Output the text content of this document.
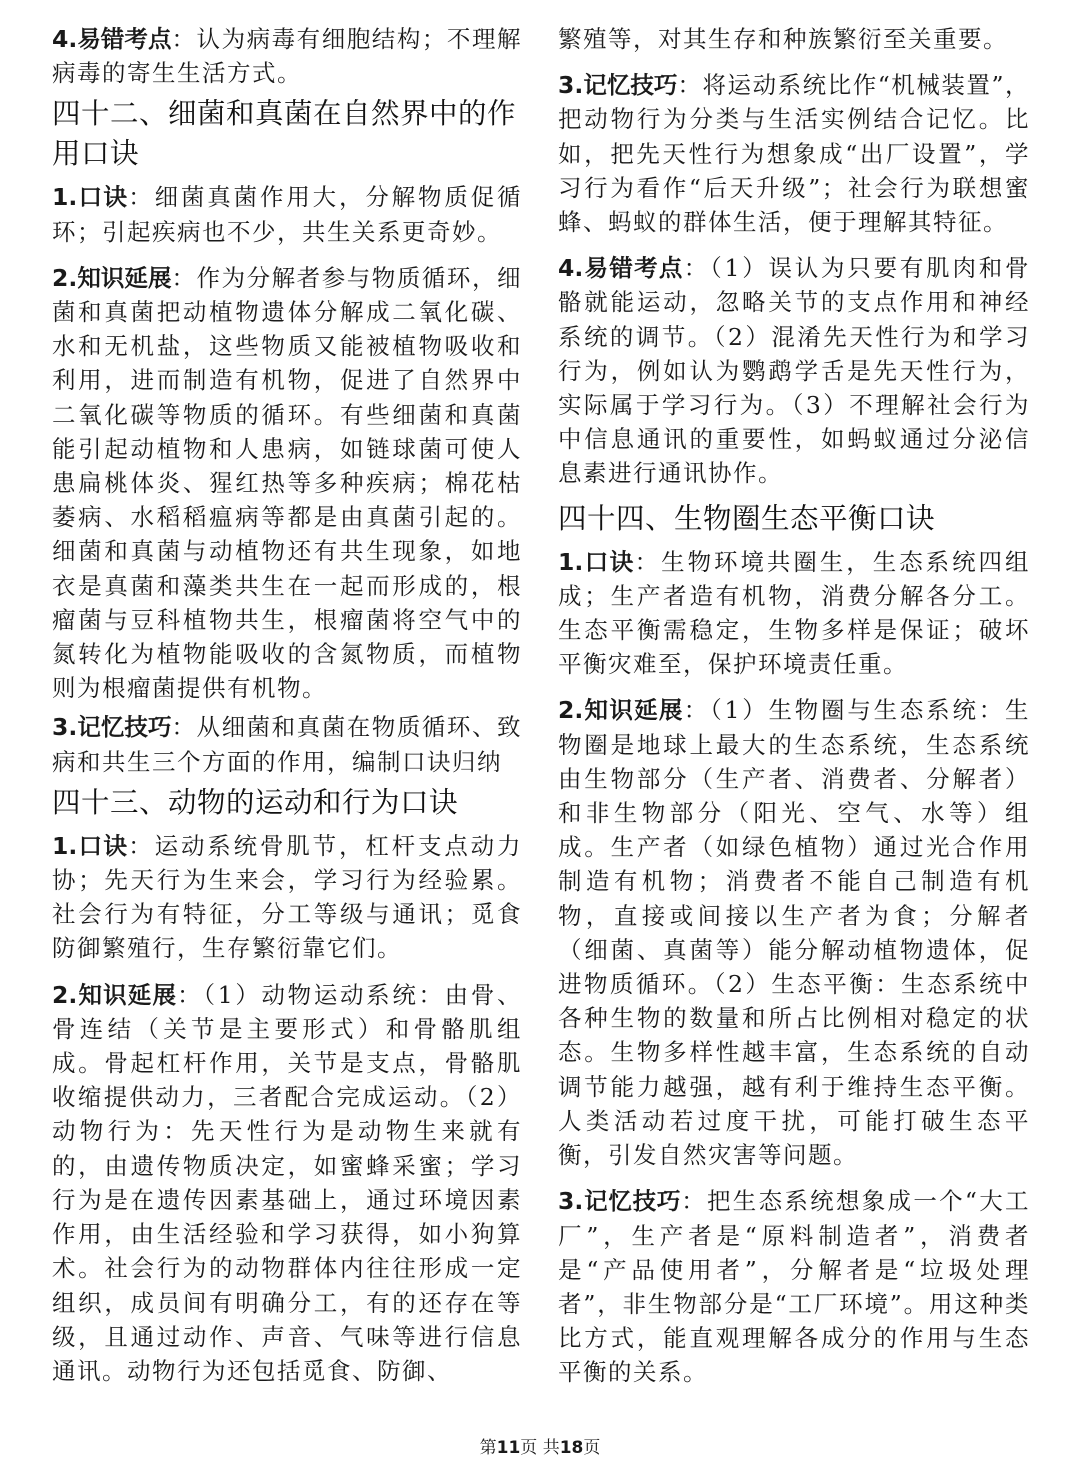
4.易错考点：认为病毒有细胞结构；不理解病毒的寄生生活方式。

四十二、细菌和真菌在自然界中的作用口诀

1.口诀：细菌真菌作用大，分解物质促循环；引起疾病也不少，共生关系更奇妙。

2.知识延展：作为分解者参与物质循环，细菌和真菌把动植物遗体分解成二氧化碳、水和无机盐，这些物质又能被植物吸收和利用，进而制造有机物，促进了自然界中二氧化碳等物质的循环。有些细菌和真菌能引起动植物和人患病，如链球菌可使人患扁桃体炎、猩红热等多种疾病；棉花枯萎病、水稻稻瘟病等都是由真菌引起的。细菌和真菌与动植物还有共生现象，如地衣是真菌和藻类共生在一起而形成的，根瘤菌与豆科植物共生，根瘤菌将空气中的氮转化为植物能吸收的含氮物质，而植物则为根瘤菌提供有机物。

3.记忆技巧：从细菌和真菌在物质循环、致病和共生三个方面的作用，编制口诀归纳

四十三、动物的运动和行为口诀

1.口诀：运动系统骨肌节，杠杆支点动力协；先天行为生来会，学习行为经验累。社会行为有特征，分工等级与通讯；觅食防御繁殖行，生存繁衍靠它们。

2.知识延展：（1）动物运动系统：由骨、骨连结（关节是主要形式）和骨骼肌组成。骨起杠杆作用，关节是支点，骨骼肌收缩提供动力，三者配合完成运动。（2）动物行为：先天性行为是动物生来就有的，由遗传物质决定，如蜜蜂采蜜；学习行为是在遗传因素基础上，通过环境因素作用，由生活经验和学习获得，如小狗算术。社会行为的动物群体内往往形成一定组织，成员间有明确分工，有的还存在等级，且通过动作、声音、气味等进行信息通讯。动物行为还包括觅食、防御、

繁殖等，对其生存和种族繁衍至关重要。

3.记忆技巧：将运动系统比作“机械装置”，把动物行为分类与生活实例结合记忆。比如，把先天性行为想象成“出厂设置”，学习行为看作“后天升级”；社会行为联想蜜蜂、蚂蚁的群体生活，便于理解其特征。

4.易错考点：（1）误认为只要有肌肉和骨骼就能运动，忽略关节的支点作用和神经系统的调节。（2）混淆先天性行为和学习行为，例如认为鹦鹉学舌是先天性行为，实际属于学习行为。（3）不理解社会行为中信息通讯的重要性，如蚂蚁通过分泌信息素进行通讯协作。

四十四、生物圈生态平衡口诀

1.口诀：生物环境共圈生，生态系统四组成；生产者造有机物，消费分解各分工。生态平衡需稳定，生物多样是保证；破坏平衡灾难至，保护环境责任重。

2.知识延展：（1）生物圈与生态系统：生物圈是地球上最大的生态系统，生态系统由生物部分（生产者、消费者、分解者）和非生物部分（阳光、空气、水等）组成。生产者（如绿色植物）通过光合作用制造有机物；消费者不能自己制造有机物，直接或间接以生产者为食；分解者（细菌、真菌等）能分解动植物遗体，促进物质循环。（2）生态平衡：生态系统中各种生物的数量和所占比例相对稳定的状态。生物多样性越丰富，生态系统的自动调节能力越强，越有利于维持生态平衡。人类活动若过度干扰，可能打破生态平衡，引发自然灾害等问题。

3.记忆技巧：把生态系统想象成一个“大工厂”，生产者是“原料制造者”，消费者是“产品使用者”，分解者是“垃圾处理者”，非生物部分是“工厂环境”。用这种类比方式，能直观理解各成分的作用与生态平衡的关系。

第11页 共18页
